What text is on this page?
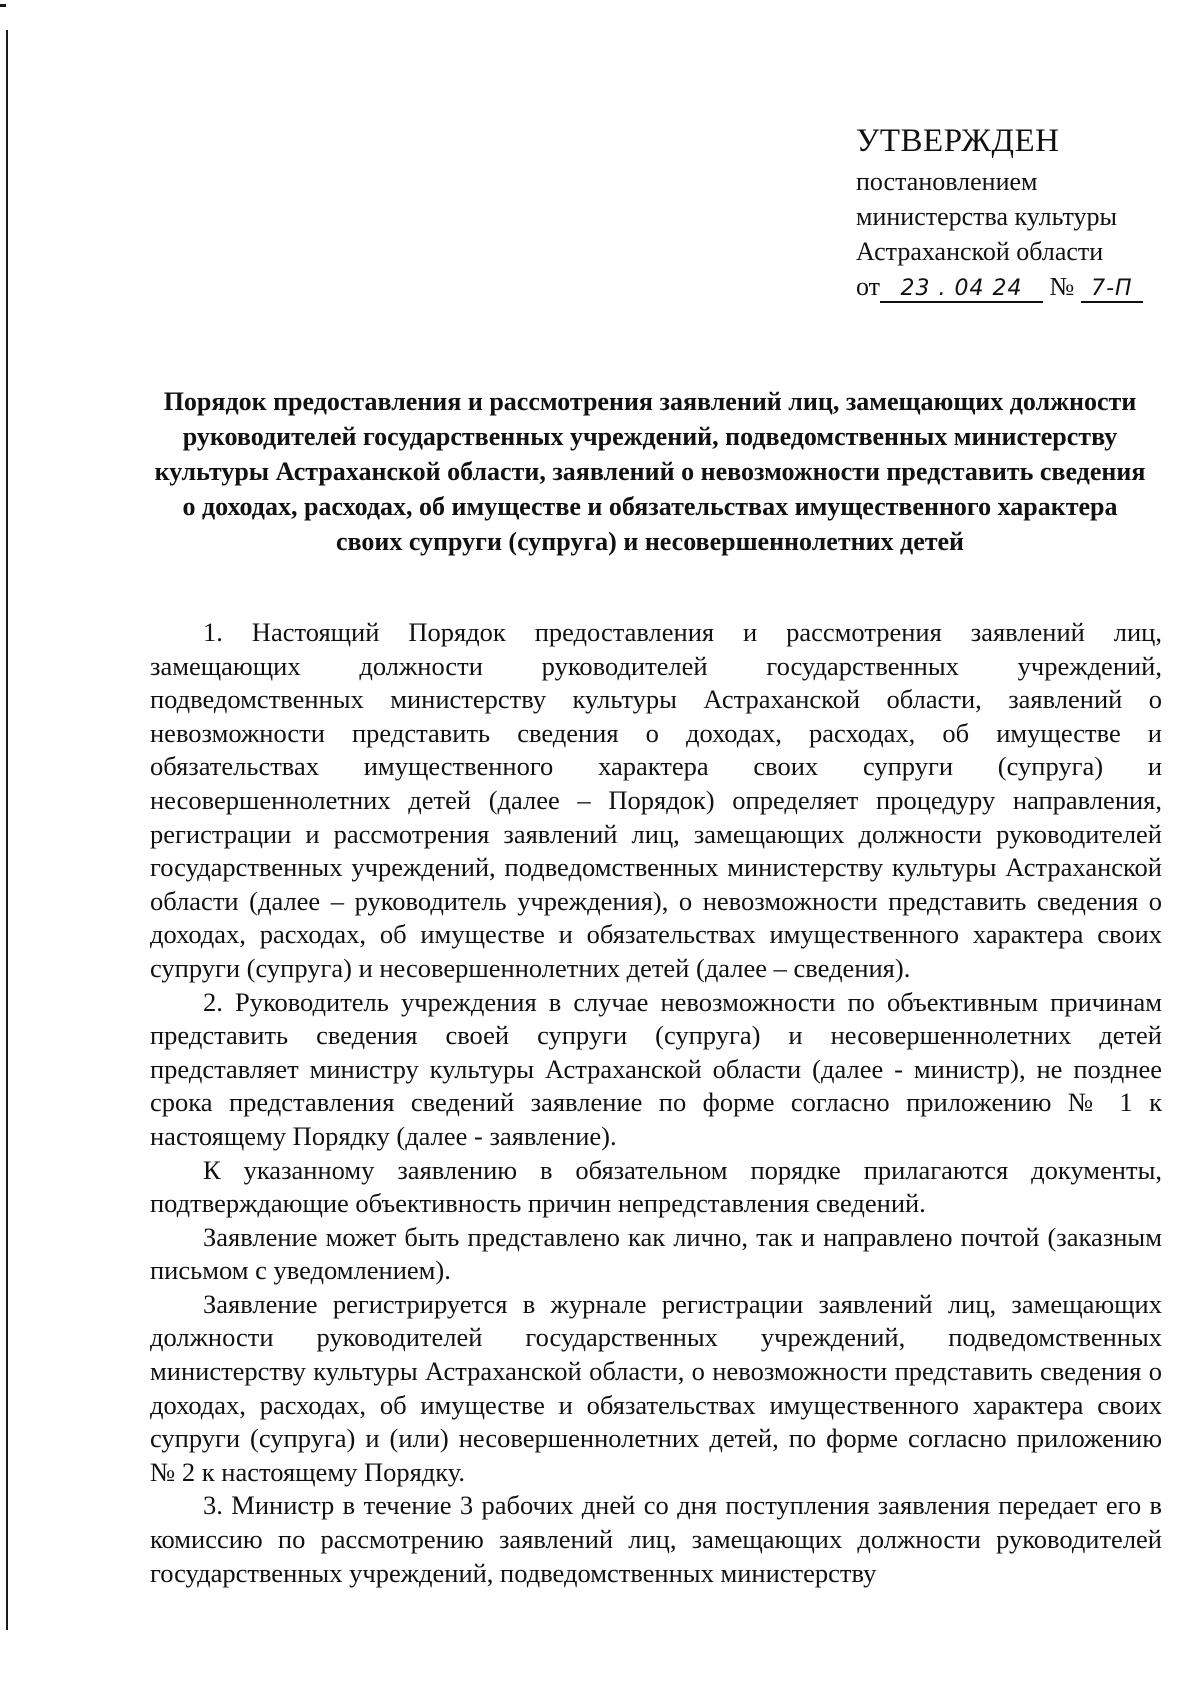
УТВЕРЖДЕН
постановлением
министерства культуры
Астраханской области
от 23 . 04 24 № 7-П
Порядок предоставления и рассмотрения заявлений лиц, замещающих должности руководителей государственных учреждений, подведомственных министерству культуры Астраханской области, заявлений о невозможности представить сведения о доходах, расходах, об имуществе и обязательствах имущественного характера своих супруги (супруга) и несовершеннолетних детей

1. Настоящий Порядок предоставления и рассмотрения заявлений лиц, замещающих должности руководителей государственных учреждений, подведомственных министерству культуры Астраханской области, заявлений о невозможности представить сведения о доходах, расходах, об имуществе и обязательствах имущественного характера своих супруги (супруга) и несовершеннолетних детей (далее – Порядок) определяет процедуру направления, регистрации и рассмотрения заявлений лиц, замещающих должности руководителей государственных учреждений, подведомственных министерству культуры Астраханской области (далее – руководитель учреждения), о невозможности представить сведения о доходах, расходах, об имуществе и обязательствах имущественного характера своих супруги (супруга) и несовершеннолетних детей (далее – сведения).

2. Руководитель учреждения в случае невозможности по объективным причинам представить сведения своей супруги (супруга) и несовершеннолетних детей представляет министру культуры Астраханской области (далее - министр), не позднее срока представления сведений заявление по форме согласно приложению № 1 к настоящему Порядку (далее - заявление).

К указанному заявлению в обязательном порядке прилагаются документы, подтверждающие объективность причин непредставления сведений.

Заявление может быть представлено как лично, так и направлено почтой (заказным письмом с уведомлением).

Заявление регистрируется в журнале регистрации заявлений лиц, замещающих должности руководителей государственных учреждений, подведомственных министерству культуры Астраханской области, о невозможности представить сведения о доходах, расходах, об имуществе и обязательствах имущественного характера своих супруги (супруга) и (или) несовершеннолетних детей, по форме согласно приложению № 2 к настоящему Порядку.

3. Министр в течение 3 рабочих дней со дня поступления заявления передает его в комиссию по рассмотрению заявлений лиц, замещающих должности руководителей государственных учреждений, подведомственных министерству
